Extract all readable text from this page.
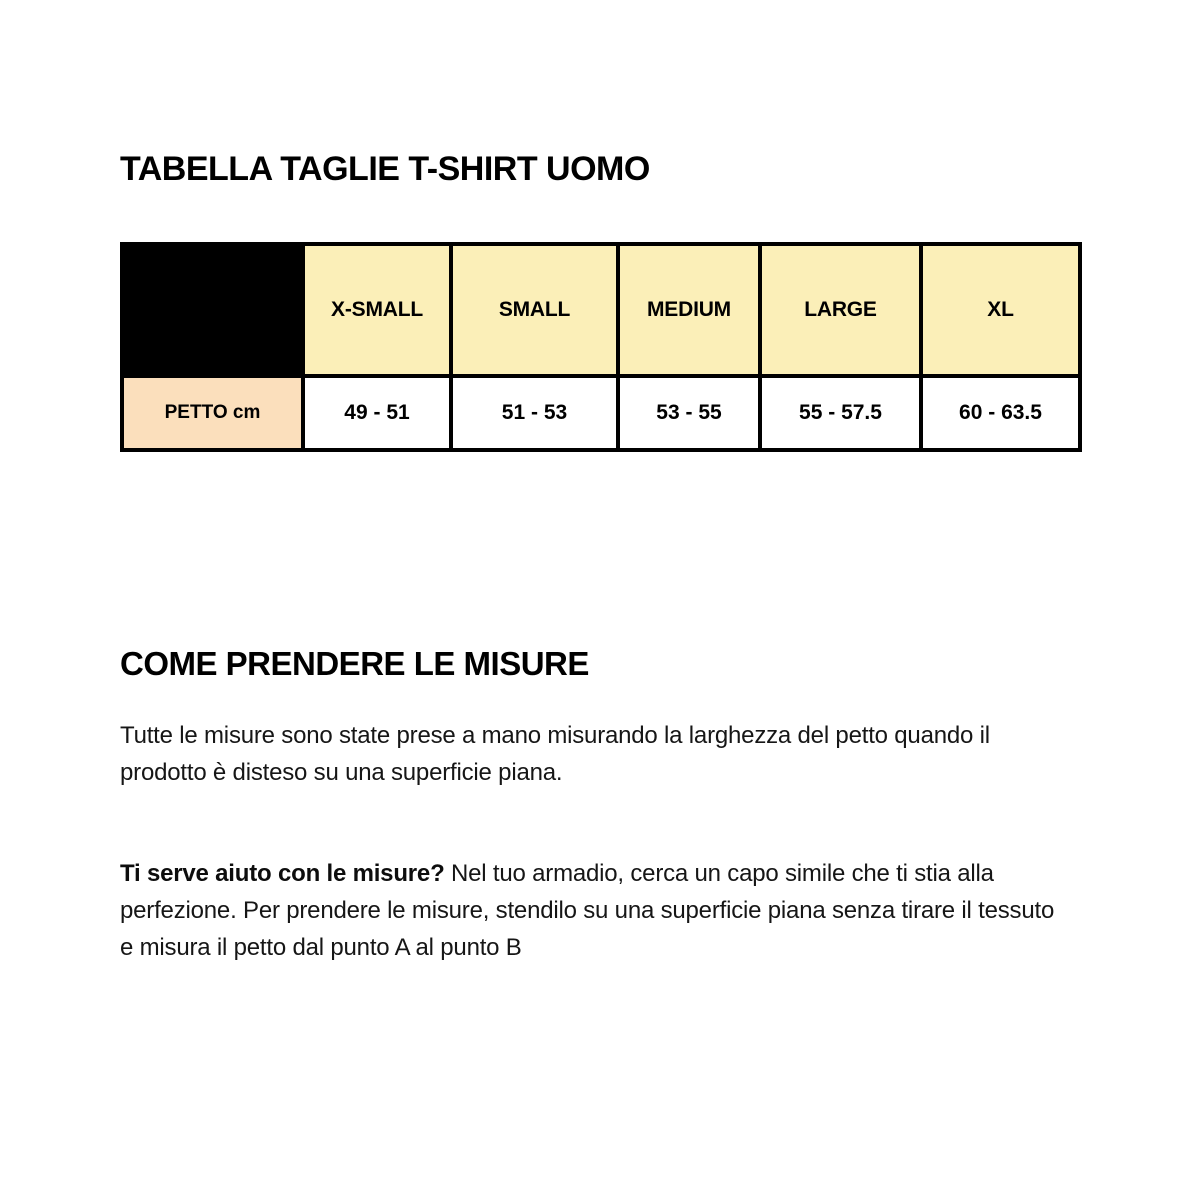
TABELLA TAGLIE T-SHIRT UOMO
T-SHIRT
UOMO
REGULAR	X-SMALL	SMALL	MEDIUM	LARGE	XL
PETTO cm	49 - 51	51 - 53	53 - 55	55 - 57.5	60 - 63.5
COME PRENDERE LE MISURE

Tutte le misure sono state prese a mano misurando la larghezza del petto quando il prodotto è disteso su una superficie piana.

Ti serve aiuto con le misure? Nel tuo armadio, cerca un capo simile che ti stia alla perfezione. Per prendere le misure, stendilo su una superficie piana senza tirare il tessuto e misura il petto dal punto A al punto B
